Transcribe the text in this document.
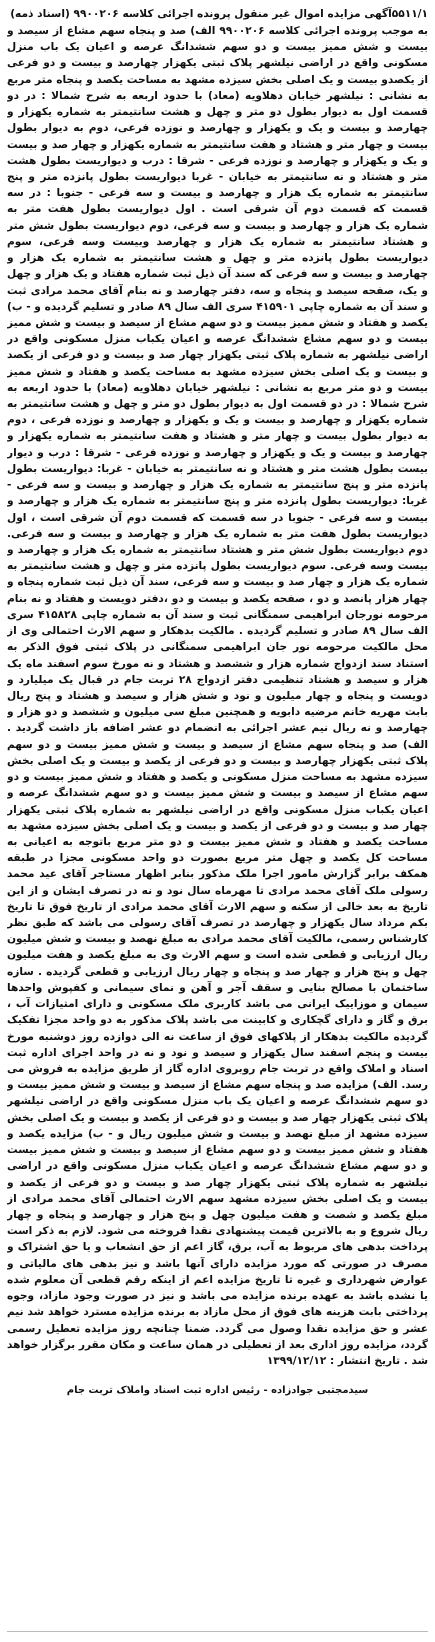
۵۵۱۱/۱آگهی مزایده اموال غیر منقول پرونده اجرائی کلاسه ۹۹۰۰۲۰۶ (اسناد ذمه)

به موجب پرونده اجرائی کلاسه ۹۹۰۰۲۰۶ الف) صد و پنجاه سهم مشاع از سیصد و بیست و شش ممیز بیست و دو سهم ششدانگ عرصه و اعیان یک باب منزل مسکونی واقع در اراضی نیلشهر پلاک ثبتی یکهزار چهارصد و بیست و دو فرعی از یکصدو بیست و یک اصلی بخش سیزده مشهد به مساحت یکصد و پنجاه متر مربع به نشانی : نیلشهر خیابان دهلاویه (معاد) با حدود اربعه به شرح شمالا : در دو قسمت اول به دیوار بطول دو متر و چهل و هشت سانتیمتر به شماره یکهزار و چهارصد و بیست و یک و یکهزار و چهارصد و نوزده فرعی، دوم به دیوار بطول بیست و چهار متر و هشتاد و هفت سانتیمتر به شماره یکهزار و چهار صد و بیست و یک و یکهزار و چهارصد و نوزده فرعی - شرقا : درب و دیواریست بطول هشت متر و هشتاد و نه سانتیمتر به خیابان - غربا دیواریست بطول پانزده متر و پنج سانتیمتر به شماره یک هزار و چهارصد و بیست و سه فرعی - جنوبا : در سه قسمت که قسمت دوم آن شرقی است . اول دیواریست بطول هفت متر به شماره یک هزار و چهارصد و بیست و سه فرعی، دوم دیواریست بطول شش متر و هشتاد سانتیمتر به شماره یک هزار و چهارصد وبیست وسه فرعی، سوم دیواریست بطول پانزده متر و چهل و هشت سانتیمتر به شماره یک هزار و چهارصد و بیست و سه فرعی که سند آن ذیل ثبت شماره هفتاد و یک هزار و چهل و یک، صفحه سیصد و پنجاه و سه، دفتر چهارصد و نه بنام آقای محمد مرادی ثبت و سند آن به شماره چاپی ۴۱۵۹۰۱ سری الف سال ۸۹ صادر و تسلیم گردیده و - ب) یکصد و هفتاد و شش ممیز بیست و دو سهم مشاع از سیصد و بیست و شش ممیز بیست و دو سهم مشاع ششدانگ عرصه و اعیان یکباب منزل مسکونی واقع در اراضی نیلشهر به شماره پلاک ثبتی یکهزار چهار صد و بیست و دو فرعی از یکصد و بیست و یک اصلی بخش سیزده مشهد به مساحت یکصد و هفتاد و شش ممیز بیست و دو متر مربع به نشانی : نیلشهر خیابان دهلاویه (معاد) با حدود اربعه به شرح شمالا : در دو قسمت اول به دیوار بطول دو متر و چهل و هشت سانتیمتر به شماره یکهزار و چهارصد و بیست و یک و یکهزار و چهارصد و نوزده فرعی ، دوم به دیوار بطول بیست و چهار متر و هشتاد و هفت سانتیمتر به شماره یکهزار و چهارصد و بیست و یک و یکهزار و چهارصد و نوزده فرعی - شرقا : درب و دیوار بیست بطول هشت متر و هشتاد و نه سانتیمتر به خیابان - غربا: دیواریست بطول پانزده متر و پنج سانتیمتر به شماره یک هزار و چهارصد و بیست و سه فرعی - غربا: دیواریست بطول پانزده متر و پنج سانتیمتر به شماره یک هزار و چهارصد و بیست و سه فرعی - جنوبا در سه قسمت که قسمت دوم آن شرقی است ، اول دیواریست بطول هفت متر به شماره یک هزار و چهارصد و بیست و سه فرعی. دوم دیواریست بطول شش متر و هشتاد سانتیمتر به شماره یک هزار و چهارصد و بیست وسه فرعی. سوم دیواریست بطول پانزده متر و چهل و هشت سانتیمتر به شماره یک هزار و چهار صد و بیست و سه فرعی، سند آن ذیل ثبت شماره پنجاه و چهار هزار پانصد و دو ، صفحه یکصد و بیست و دو ،دفتر دویست و هفتاد و نه بنام مرحومه نورجان ابراهیمی سمنگانی ثبت و سند آن به شماره چاپی ۴۱۵۸۲۸ سری الف سال ۸۹ صادر و تسلیم گردیده . مالکیت بدهکار و سهم الارث احتمالی وی از محل مالکیت مرحومه نور جان ابراهیمی سمنگانی در پلاک ثبتی فوق الذکر به استناد سند ازدواج شماره هزار و ششصد و هشتاد و نه مورخ سوم اسفند ماه یک هزار و سیصد و هشتاد تنظیمی دفتر ازدواج ۲۸ تربت جام در قبال یک میلیارد و دویست و پنجاه و چهار میلیون و نود و شش هزار و سیصد و هشتاد و پنج ریال بابت مهریه خانم مرضیه دابویه و همچنین مبلغ سی میلیون و ششصد و دو هزار و چهارصد و نه ریال نیم عشر اجرائی به انضمام دو عشر اضافه باز داشت گردید . الف) صد و پنجاه سهم مشاع از سیصد و بیست و شش ممیز بیست و دو سهم پلاک ثبتی یکهزار چهارصد و بیست و دو فرعی از یکصد و بیست و یک اصلی بخش سیزده مشهد به مساحت منزل مسکونی و یکصد و هفتاد و شش ممیز بیست و دو سهم مشاع از سیصد و بیست و شش ممیز بیست و دو سهم ششدانگ عرصه و اعیان یکباب منزل مسکونی واقع در اراضی نیلشهر به شماره پلاک ثبتی یکهزار چهار صد و بیست و دو فرعی از یکصد و بیست و یک اصلی بخش سیزده مشهد به مساحت یکصد و هفتاد و شش ممیز بیست و دو متر مربع باتوجه به اعیانی به مساحت کل یکصد و چهل متر مربع بصورت دو واحد مسکونی مجزا در طبقه همکف برابر گزارش مامور اجرا ملک مذکور بنابر اظهار مستاجر آقای عید محمد رسولی ملک آقای محمد مرادی تا مهرماه سال نود و نه در تصرف ایشان و از این تاریخ به بعد خالی از سکنه و سهم الارث آقای محمد مرادی از تاریخ فوق تا تاریخ بکم مرداد سال یکهزار و چهارصد در تصرف آقای رسولی می باشد که طبق نظر کارشناس رسمی، مالکیت آقای محمد مرادی به مبلغ نهصد و بیست و شش میلیون ریال ارزیابی و قطعی شده است و سهم الارث وی به مبلغ یکصد و هفت میلیون چهل و پنج هزار و چهار صد و پنجاه و چهار ریال ارزیابی و قطعی گردیده . سازه ساختمان با مصالح بنایی و سقف آجر و آهن و نمای سیمانی و کفپوش واحدها سیمان و موزاییک ایرانی می باشد کاربری ملک مسکونی و دارای امتیازات آب ، برق و گاز و دارای گچکاری و کابینت می باشد پلاک مذکور به دو واحد مجزا تفکیک گردیده مالکیت بدهکار از پلاکهای فوق از ساعت نه الی دوازده روز دوشنبه مورخ بیست و پنجم اسفند سال یکهزار و سیصد و نود و نه در واحد اجرای اداره ثبت اسناد و املاک واقع در تربت جام روبروی اداره گاز از طریق مزایده به فروش می رسد. الف) مزایده صد و پنجاه سهم مشاع از سیصد و بیست و شش ممیز بیست و دو سهم ششدانگ عرصه و اعیان یک باب منزل مسکونی واقع در اراضی نیلشهر پلاک ثبتی یکهزار چهار صد و بیست و دو فرعی از یکصد و بیست و یک اصلی بخش سیزده مشهد از مبلغ نهصد و بیست و شش میلیون ریال و - ب) مزایده یکصد و هفتاد و شش ممیز بیست و دو سهم مشاع از سیصد و بیست و شش ممیز بیست و دو سهم مشاع ششدانگ عرصه و اعیان یکباب منزل مسکونی واقع در اراضی نیلشهر به شماره پلاک ثبتی یکهزار چهار صد و بیست و دو فرعی از یکصد و بیست و یک اصلی بخش سیزده مشهد سهم الارث احتمالی آقای محمد مرادی از مبلغ یکصد و شصت و هفت میلیون چهل و پنج هزار و چهارصد و پنجاه و چهار ریال شروع و به بالاترین قیمت پیشنهادی نقدا فروخته می شود. لازم به ذکر است پرداخت بدهی های مربوط به آب، برق، گاز اعم از حق انشعاب و یا حق اشتراک و مصرف در صورتی که مورد مزایده دارای آنها باشد و نیز بدهی های مالیاتی و عوارض شهرداری و غیره تا تاریخ مزایده اعم از اینکه رقم قطعی آن معلوم شده یا نشده باشد به عهده برنده مزایده می باشد و نیز در صورت وجود مازاد، وجوه پرداختی بابت هزینه های فوق از محل مازاد به برنده مزایده مسترد خواهد شد نیم عشر و حق مزایده نقدا وصول می گردد. ضمنا چنانچه روز مزایده تعطیل رسمی گردد، مزایده روز اداری بعد از تعطیلی در همان ساعت و مکان مقرر برگزار خواهد شد . تاریخ انتشار : ۱۳۹۹/۱۲/۱۲

سیدمجتبی جوادزاده - رئیس اداره ثبت اسناد واملاک تربت جام
